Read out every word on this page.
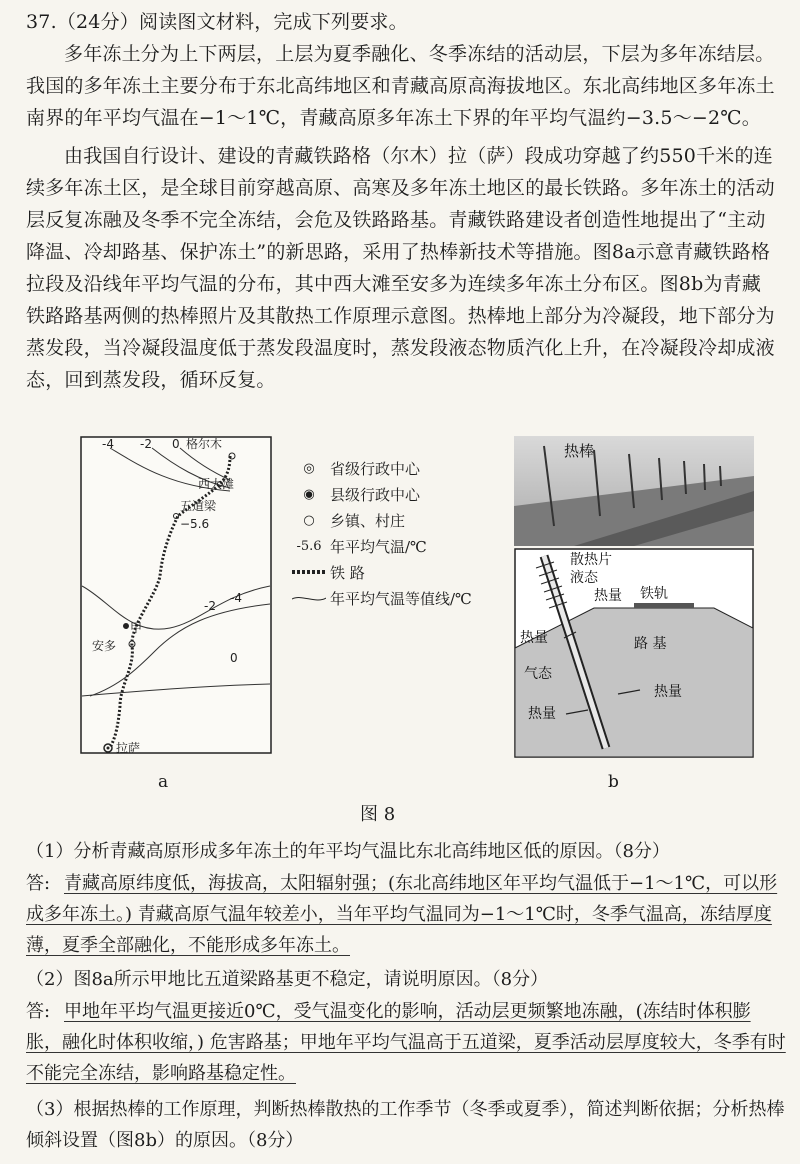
37.（24分）阅读图文材料，完成下列要求。

多年冻土分为上下两层，上层为夏季融化、冬季冻结的活动层，下层为多年冻结层。我国的多年冻土主要分布于东北高纬地区和青藏高原高海拔地区。东北高纬地区多年冻土南界的年平均气温在−1～1℃，青藏高原多年冻土下界的年平均气温约−3.5～−2℃。

由我国自行设计、建设的青藏铁路格（尔木）拉（萨）段成功穿越了约550千米的连续多年冻土区，是全球目前穿越高原、高寒及多年冻土地区的最长铁路。多年冻土的活动层反复冻融及冬季不完全冻结，会危及铁路路基。青藏铁路建设者创造性地提出了“主动降温、冷却路基、保护冻土”的新思路，采用了热棒新技术等措施。图8a示意青藏铁路格拉段及沿线年平均气温的分布，其中西大滩至安多为连续多年冻土分布区。图8b为青藏铁路路基两侧的热棒照片及其散热工作原理示意图。热棒地上部分为冷凝段，地下部分为蒸发段，当冷凝段温度低于蒸发段温度时，蒸发段液态物质汽化上升，在冷凝段冷却成液态，回到蒸发段，循环反复。

-4 -2 0 格尔木
西大滩
五道梁
−5.6
-4
-2
0
甲
安多
拉萨
a
◎	省级行政中心
◉	县级行政中心
○	乡镇、村庄
-5.6 年平均气温/℃
铁 路
年平均气温等值线/℃
热棒
散热片
液态
热量 铁轨
路 基
热量
气态
热量
热量
b
图 8

（1）分析青藏高原形成多年冻土的年平均气温比东北高纬地区低的原因。（8分）

答: 青藏高原纬度低，海拔高，太阳辐射强；(东北高纬地区年平均气温低于−1～1℃，可以形成多年冻土。) 青藏高原气温年较差小，当年平均气温同为−1～1℃时，冬季气温高，冻结厚度薄，夏季全部融化，不能形成多年冻土。

（2）图8a所示甲地比五道梁路基更不稳定，请说明原因。（8分）

答: 甲地年平均气温更接近0℃，受气温变化的影响，活动层更频繁地冻融，(冻结时体积膨胀，融化时体积收缩，) 危害路基；甲地年平均气温高于五道梁，夏季活动层厚度较大，冬季有时不能完全冻结，影响路基稳定性。

（3）根据热棒的工作原理，判断热棒散热的工作季节（冬季或夏季），简述判断依据；分析热棒倾斜设置（图8b）的原因。（8分）
